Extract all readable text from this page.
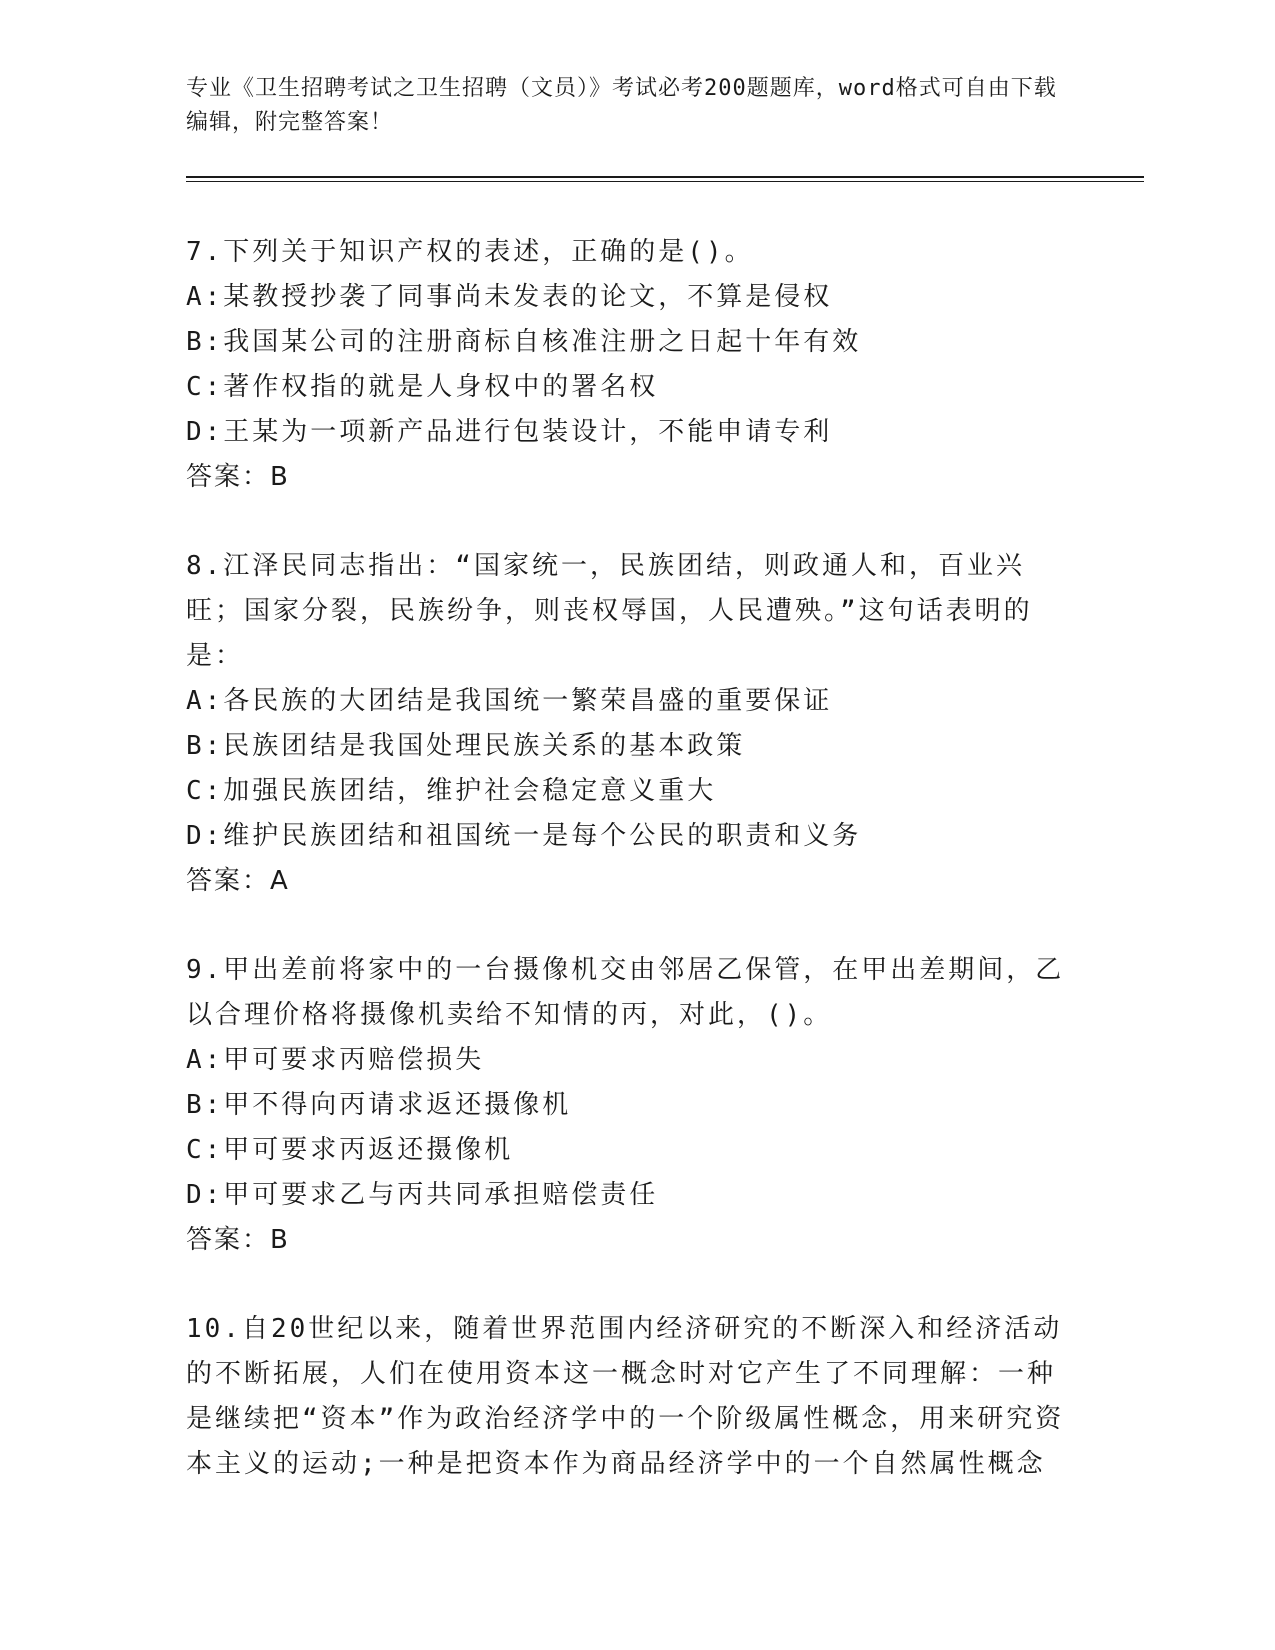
专业《卫生招聘考试之卫生招聘（文员）》考试必考200题题库，word格式可自由下载编辑，附完整答案！

7.下列关于知识产权的表述，正确的是()。

A:某教授抄袭了同事尚未发表的论文，不算是侵权

B:我国某公司的注册商标自核准注册之日起十年有效

C:著作权指的就是人身权中的署名权

D:王某为一项新产品进行包装设计，不能申请专利

答案：B

8.江泽民同志指出：“国家统一，民族团结，则政通人和，百业兴旺；国家分裂，民族纷争，则丧权辱国，人民遭殃。”这句话表明的是：

A:各民族的大团结是我国统一繁荣昌盛的重要保证

B:民族团结是我国处理民族关系的基本政策

C:加强民族团结，维护社会稳定意义重大

D:维护民族团结和祖国统一是每个公民的职责和义务

答案：A

9.甲出差前将家中的一台摄像机交由邻居乙保管，在甲出差期间，乙以合理价格将摄像机卖给不知情的丙，对此，()。

A:甲可要求丙赔偿损失

B:甲不得向丙请求返还摄像机

C:甲可要求丙返还摄像机

D:甲可要求乙与丙共同承担赔偿责任

答案：B

10.自20世纪以来，随着世界范围内经济研究的不断深入和经济活动的不断拓展，人们在使用资本这一概念时对它产生了不同理解：一种是继续把“资本”作为政治经济学中的一个阶级属性概念，用来研究资本主义的运动;一种是把资本作为商品经济学中的一个自然属性概念
